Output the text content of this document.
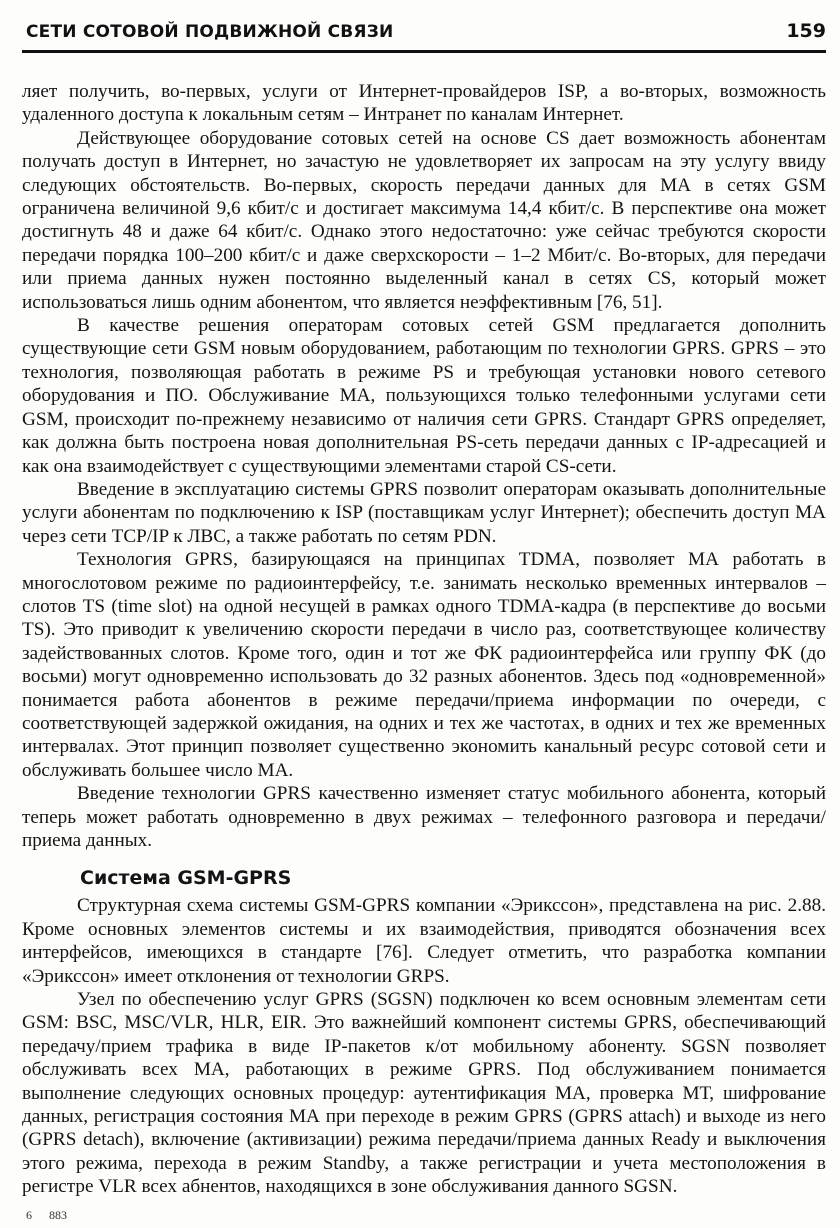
СЕТИ СОТОВОЙ ПОДВИЖНОЙ СВЯЗИ	159

ляет получить, во-первых, услуги от Интернет-провайдеров ISP, а во-вторых, возможность удаленного доступа к локальным сетям – Интранет по каналам Интернет.

Действующее оборудование сотовых сетей на основе CS дает возможность абонентам получать доступ в Интернет, но зачастую не удовлетворяет их запросам на эту услугу ввиду следующих обстоятельств. Во-первых, скорость передачи данных для МА в сетях GSM ограничена величиной 9,6 кбит/с и достигает максимума 14,4 кбит/с. В перспективе она может достигнуть 48 и даже 64 кбит/с. Однако этого недостаточно: уже сейчас требуются скорости передачи порядка 100–200 кбит/с и даже сверхскорости – 1–2 Мбит/с. Во-вторых, для передачи или приема данных нужен постоянно выделенный канал в сетях CS, который может использоваться лишь одним абонентом, что является неэффективным [76, 51].

В качестве решения операторам сотовых сетей GSM предлагается дополнить существующие сети GSM новым оборудованием, работающим по технологии GPRS. GPRS – это технология, позволяющая работать в режиме PS и требующая установки нового сетевого оборудования и ПО. Обслуживание МА, пользующихся только телефонными услугами сети GSM, происходит по-прежнему независимо от наличия сети GPRS. Стандарт GPRS определяет, как должна быть построена новая дополнительная PS-сеть передачи данных с IP-адресацией и как она взаимодействует с существующими элементами старой CS-сети.

Введение в эксплуатацию системы GPRS позволит операторам оказывать дополнительные услуги абонентам по подключению к ISP (поставщикам услуг Интернет); обеспечить доступ МА через сети TCP/IP к ЛВС, а также работать по сетям PDN.

Технология GPRS, базирующаяся на принципах TDMA, позволяет МА работать в многослотовом режиме по радиоинтерфейсу, т.е. занимать несколько временных интервалов – слотов TS (time slot) на одной несущей в рамках одного TDMA-кадра (в перспективе до восьми TS). Это приводит к увеличению скорости передачи в число раз, соответствующее количеству задействованных слотов. Кроме того, один и тот же ФК радиоинтерфейса или группу ФК (до восьми) могут одновременно использовать до 32 разных абонентов. Здесь под «одновременной» понимается работа абонентов в режиме передачи/приема информации по очереди, с соответствующей задержкой ожидания, на одних и тех же частотах, в одних и тех же временных интервалах. Этот принцип позволяет существенно экономить канальный ресурс сотовой сети и обслуживать большее число МА.

Введение технологии GPRS качественно изменяет статус мобильного абонента, который теперь может работать одновременно в двух режимах – телефонного разговора и передачи/приема данных.

Система GSM-GPRS

Структурная схема системы GSM-GPRS компании «Эрикссон», представлена на рис. 2.88. Кроме основных элементов системы и их взаимодействия, приводятся обозначения всех интерфейсов, имеющихся в стандарте [76]. Следует отметить, что разработка компании «Эрикссон» имеет отклонения от технологии GRPS.

Узел по обеспечению услуг GPRS (SGSN) подключен ко всем основным элементам сети GSM: BSC, MSC/VLR, HLR, EIR. Это важнейший компонент системы GPRS, обеспечивающий передачу/прием трафика в виде IP-пакетов к/от мобильному абоненту. SGSN позволяет обслуживать всех МА, работающих в режиме GPRS. Под обслуживанием понимается выполнение следующих основных процедур: аутентификация МА, проверка МТ, шифрование данных, регистрация состояния МА при переходе в режим GPRS (GPRS attach) и выходе из него (GPRS detach), включение (активизации) режима передачи/приема данных Ready и выключения этого режима, перехода в режим Standby, а также регистрации и учета местоположения в регистре VLR всех абнентов, находящихся в зоне обслуживания данного SGSN.

6 883
